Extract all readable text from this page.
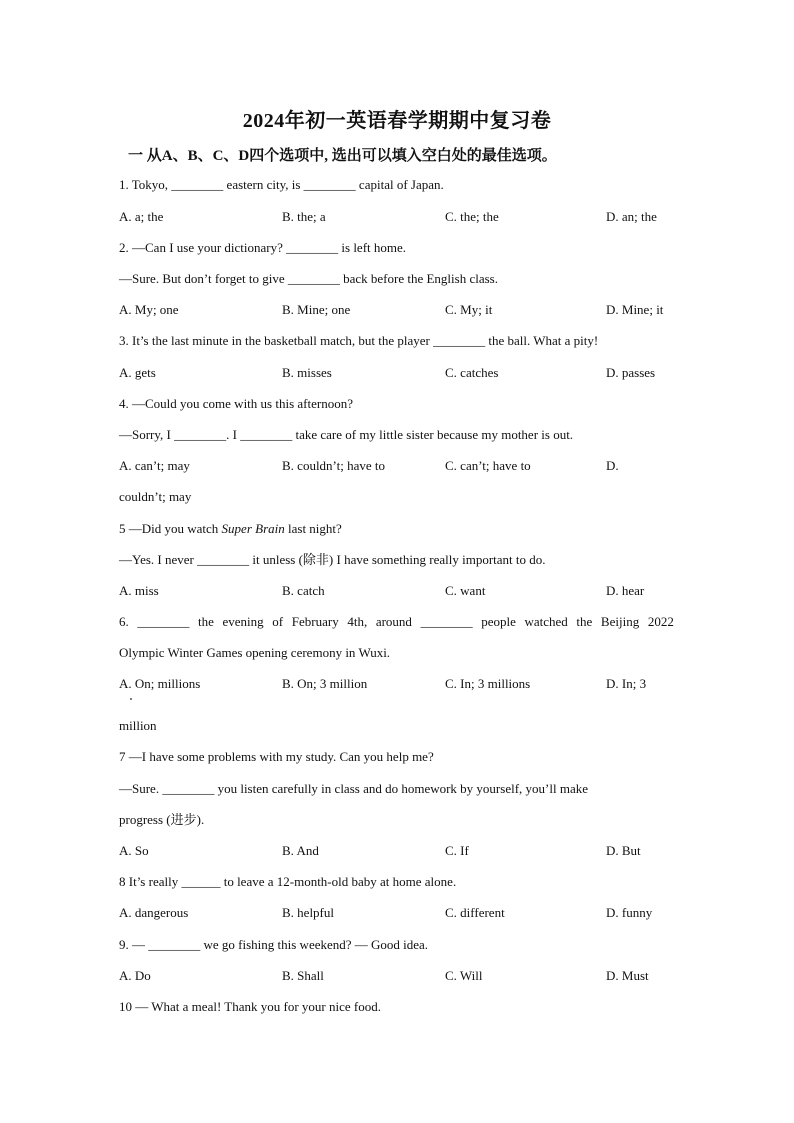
2024年初一英语春学期期中复习卷
一 从A、B、C、D四个选项中, 选出可以填入空白处的最佳选项。
1. Tokyo, ________ eastern city, is ________ capital of Japan.
A. a; the	B. the; a	C. the; the	D. an; the
2. —Can I use your dictionary? ________ is left home.
—Sure. But don’t forget to give ________ back before the English class.
A. My; one	B. Mine; one	C. My; it	D. Mine; it
3. It’s the last minute in the basketball match, but the player ________ the ball. What a pity!
A. gets	B. misses	C. catches	D. passes
4. —Could you come with us this afternoon?
—Sorry, I ________. I ________ take care of my little sister because my mother is out.
A. can’t; may	B. couldn’t; have to	C. can’t; have to	D.
couldn’t; may
5 —Did you watch Super Brain last night?
—Yes. I never ________ it unless (除非) I have something really important to do.
A. miss	B. catch	C. want	D. hear
6. ________ the evening of February 4th, around ________ people watched the Beijing 2022
Olympic Winter Games opening ceremony in Wuxi.
A. On; millions	B. On; 3 million	C. In; 3 millions	D. In; 3
million
7 —I have some problems with my study. Can you help me?
—Sure. ________ you listen carefully in class and do homework by yourself, you’ll make
progress (进步).
A. So	B. And	C. If	D. But
8 It’s really ______ to leave a 12-month-old baby at home alone.
A. dangerous	B. helpful	C. different	D. funny
9. — ________ we go fishing this weekend? — Good idea.
A. Do	B. Shall	C. Will	D. Must
10 — What a meal! Thank you for your nice food.
